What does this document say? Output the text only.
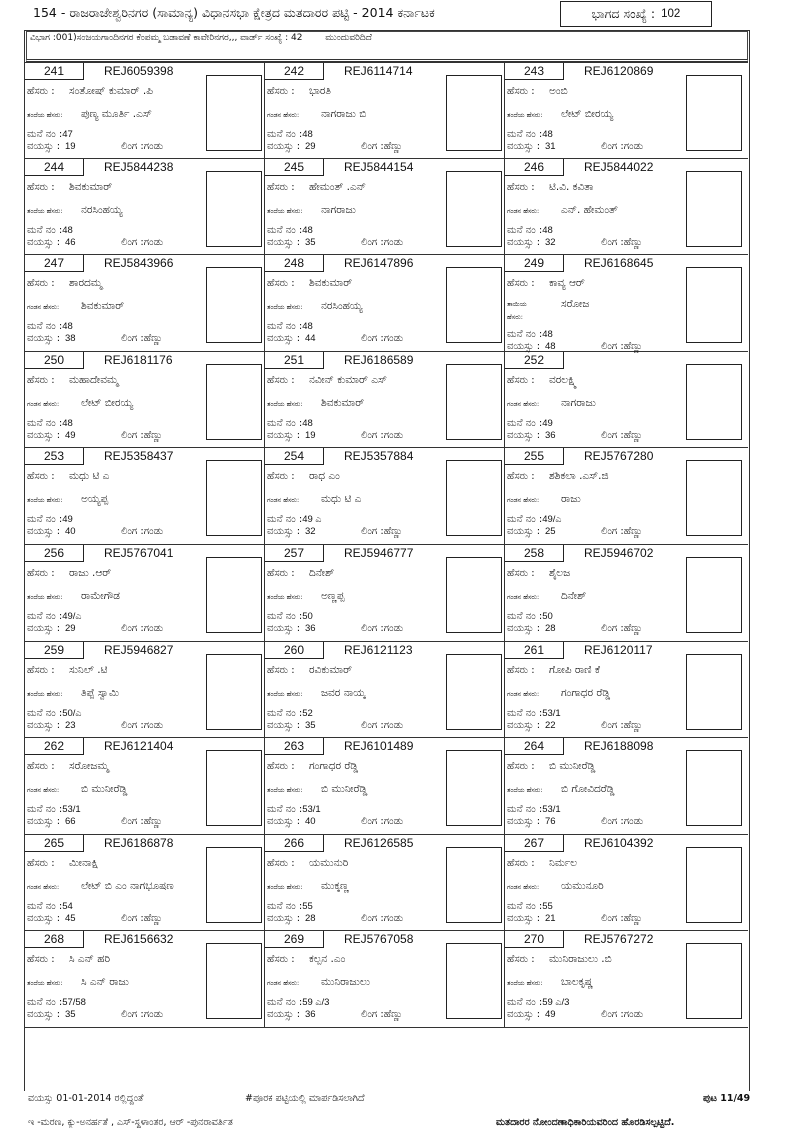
154 - ರಾಜರಾಜೇಶ್ವರಿನಗರ (ಸಾಮಾನ್ಯ) ವಿಧಾನಸಭಾ ಕ್ಷೇತ್ರದ ಮತದಾರರ ಪಟ್ಟಿ - 2014 ಕರ್ನಾಟಕ	ಭಾಗದ ಸಂಖ್ಯೆ : 102
ವಿಭಾಗ :001)ಸಂಜಯಗಾಂದಿನಗರ ಕೆಂಪಮ್ಮ ಬಡಾವಣೆ ಕಾವೇರಿನಗರ,,, ವಾರ್ಡ್ ಸಂಖ್ಯೆ : 42	ಮುಂದುವರಿದಿದೆ
241	REJ6059398
ಹೆಸರು : ಸಂತೋಷ್ ಕುಮಾರ್ .ಪಿ
ತಂದೆಯ ಹೆಸರು: ಪುಣ್ಯ ಮೂರ್ತಿ .ಎಸ್
ಮನೆ ನಂ :47
ವಯಸ್ಸು : 19	ಲಿಂಗ :ಗಂಡು
242	REJ6114714
ಹೆಸರು : ಭಾರತಿ
ಗಂಡನ ಹೆಸರು: ನಾಗರಾಜು ಬಿ
ಮನೆ ನಂ :48
ವಯಸ್ಸು : 29	ಲಿಂಗ :ಹೆಣ್ಣು
243	REJ6120869
ಹೆಸರು : ಅಂಬಿ
ತಂದೆಯ ಹೆಸರು: ಲೇಟ್ ಬೀರಯ್ಯ
ಮನೆ ನಂ :48
ವಯಸ್ಸು : 31	ಲಿಂಗ :ಗಂಡು
244	REJ5844238
ಹೆಸರು : ಶಿವಕುಮಾರ್
ತಂದೆಯ ಹೆಸರು: ನರಸಿಂಹಯ್ಯ
ಮನೆ ನಂ :48
ವಯಸ್ಸು : 46	ಲಿಂಗ :ಗಂಡು
245	REJ5844154
ಹೆಸರು : ಹೇಮಂತ್ .ಎನ್
ತಂದೆಯ ಹೆಸರು: ನಾಗರಾಜು
ಮನೆ ನಂ :48
ವಯಸ್ಸು : 35	ಲಿಂಗ :ಗಂಡು
246	REJ5844022
ಹೆಸರು : ಟಿ.ವಿ. ಕವಿತಾ
ಗಂಡನ ಹೆಸರು: ಎನ್. ಹೇಮಂತ್
ಮನೆ ನಂ :48
ವಯಸ್ಸು : 32	ಲಿಂಗ :ಹೆಣ್ಣು
247	REJ5843966
ಹೆಸರು : ಶಾರದಮ್ಮ
ಗಂಡನ ಹೆಸರು: ಶಿವಕುಮಾರ್
ಮನೆ ನಂ :48
ವಯಸ್ಸು : 38	ಲಿಂಗ :ಹೆಣ್ಣು
248	REJ6147896
ಹೆಸರು : ಶಿವಕುಮಾರ್
ತಂದೆಯ ಹೆಸರು: ನರಸಿಂಹಯ್ಯ
ಮನೆ ನಂ :48
ವಯಸ್ಸು : 44	ಲಿಂಗ :ಗಂಡು
249	REJ6168645
ಹೆಸರು : ಕಾವ್ಯ ಆರ್
ತಾಯಿಯ
ಹೆಸರು:ಸರೋಜ
ಮನೆ ನಂ :48
ವಯಸ್ಸು : 48	ಲಿಂಗ :ಹೆಣ್ಣು
250	REJ6181176
ಹೆಸರು : ಮಹಾದೇವಮ್ಮ
ಗಂಡನ ಹೆಸರು: ಲೇಟ್ ಬೀರಯ್ಯ
ಮನೆ ನಂ :48
ವಯಸ್ಸು : 49	ಲಿಂಗ :ಹೆಣ್ಣು
251	REJ6186589
ಹೆಸರು : ನವೀನ್ ಕುಮಾರ್ ಎಸ್
ತಂದೆಯ ಹೆಸರು: ಶಿವಕುಮಾರ್
ಮನೆ ನಂ :48
ವಯಸ್ಸು : 19	ಲಿಂಗ :ಗಂಡು
252
ಹೆಸರು : ವರಲಕ್ಷ್ಮಿ
ಗಂಡನ ಹೆಸರು: ನಾಗರಾಜು
ಮನೆ ನಂ :49
ವಯಸ್ಸು : 36	ಲಿಂಗ :ಹೆಣ್ಣು
253	REJ5358437
ಹೆಸರು : ಮಧು ಟಿ ಎ
ತಂದೆಯ ಹೆಸರು: ಅಯ್ಯಪ್ಪ
ಮನೆ ನಂ :49
ವಯಸ್ಸು : 40	ಲಿಂಗ :ಗಂಡು
254	REJ5357884
ಹೆಸರು : ರಾಧ ಎಂ
ಗಂಡನ ಹೆಸರು: ಮಧು ಟಿ ಎ
ಮನೆ ನಂ :49 ಎ
ವಯಸ್ಸು : 32	ಲಿಂಗ :ಹೆಣ್ಣು
255	REJ5767280
ಹೆಸರು : ಶಶಿಕಲಾ .ಎಸ್.ಜಿ
ಗಂಡನ ಹೆಸರು: ರಾಜು
ಮನೆ ನಂ :49/ಎ
ವಯಸ್ಸು : 25	ಲಿಂಗ :ಹೆಣ್ಣು
256	REJ5767041
ಹೆಸರು : ರಾಜು .ಆರ್
ತಂದೆಯ ಹೆಸರು: ರಾಮೇಗೌಡ
ಮನೆ ನಂ :49/ಎ
ವಯಸ್ಸು : 29	ಲಿಂಗ :ಗಂಡು
257	REJ5946777
ಹೆಸರು : ದಿನೇಶ್
ತಂದೆಯ ಹೆಸರು: ಅಣ್ಣಪ್ಪ
ಮನೆ ನಂ :50
ವಯಸ್ಸು : 36	ಲಿಂಗ :ಗಂಡು
258	REJ5946702
ಹೆಸರು : ಶೈಲಜ
ಗಂಡನ ಹೆಸರು: ದಿನೇಶ್
ಮನೆ ನಂ :50
ವಯಸ್ಸು : 28	ಲಿಂಗ :ಹೆಣ್ಣು
259	REJ5946827
ಹೆಸರು : ಸುನಿಲ್ .ಟಿ
ತಂದೆಯ ಹೆಸರು: ತಿಪ್ಪೆ ಸ್ವಾಮಿ
ಮನೆ ನಂ :50/ಎ
ವಯಸ್ಸು : 23	ಲಿಂಗ :ಗಂಡು
260	REJ6121123
ಹೆಸರು : ರವಿಕುಮಾರ್
ತಂದೆಯ ಹೆಸರು: ಜವರ ನಾಯ್ಕ
ಮನೆ ನಂ :52
ವಯಸ್ಸು : 35	ಲಿಂಗ :ಗಂಡು
261	REJ6120117
ಹೆಸರು : ಗೋಪಿ ರಾಣಿ ಕೆ
ಗಂಡನ ಹೆಸರು: ಗಂಗಾಧರ ರೆಡ್ಡಿ
ಮನೆ ನಂ :53/1
ವಯಸ್ಸು : 22	ಲಿಂಗ :ಹೆಣ್ಣು
262	REJ6121404
ಹೆಸರು : ಸರೋಜಮ್ಮ
ಗಂಡನ ಹೆಸರು: ಬಿ ಮುನೀರೆಡ್ಡಿ
ಮನೆ ನಂ :53/1
ವಯಸ್ಸು : 66	ಲಿಂಗ :ಹೆಣ್ಣು
263	REJ6101489
ಹೆಸರು : ಗಂಗಾಧರ ರೆಡ್ಡಿ
ತಂದೆಯ ಹೆಸರು: ಬಿ ಮುನೀರೆಡ್ಡಿ
ಮನೆ ನಂ :53/1
ವಯಸ್ಸು : 40	ಲಿಂಗ :ಗಂಡು
264	REJ6188098
ಹೆಸರು : ಬಿ ಮುನೀರೆಡ್ಡಿ
ತಂದೆಯ ಹೆಸರು: ಬಿ ಗೋವಿದರೆಡ್ಡಿ
ಮನೆ ನಂ :53/1
ವಯಸ್ಸು : 76	ಲಿಂಗ :ಗಂಡು
265	REJ6186878
ಹೆಸರು : ಮೀನಾಕ್ಷಿ
ಗಂಡನ ಹೆಸರು: ಲೇಟ್ ಬಿ ಎಂ ನಾಗಭೂಷಣ
ಮನೆ ನಂ :54
ವಯಸ್ಸು : 45	ಲಿಂಗ :ಹೆಣ್ಣು
266	REJ6126585
ಹೆಸರು : ಯಮುನುರಿ
ತಂದೆಯ ಹೆಸರು: ಮುಕ್ಕಣ್ಣ
ಮನೆ ನಂ :55
ವಯಸ್ಸು : 28	ಲಿಂಗ :ಗಂಡು
267	REJ6104392
ಹೆಸರು : ನಿರ್ಮಲ
ಗಂಡನ ಹೆಸರು: ಯಮುನೂರಿ
ಮನೆ ನಂ :55
ವಯಸ್ಸು : 21	ಲಿಂಗ :ಹೆಣ್ಣು
268	REJ6156632
ಹೆಸರು : ಸಿ ಎನ್ ಹರಿ
ತಂದೆಯ ಹೆಸರು: ಸಿ ಎನ್ ರಾಜು
ಮನೆ ನಂ :57/58
ವಯಸ್ಸು : 35	ಲಿಂಗ :ಗಂಡು
269	REJ5767058
ಹೆಸರು : ಕಲ್ಪನ .ಎಂ
ಗಂಡನ ಹೆಸರು: ಮುನಿರಾಜುಲು
ಮನೆ ನಂ :59 ಎ/3
ವಯಸ್ಸು : 36	ಲಿಂಗ :ಹೆಣ್ಣು
270	REJ5767272
ಹೆಸರು : ಮುನಿರಾಜುಲು .ಬಿ
ತಂದೆಯ ಹೆಸರು: ಬಾಲಕೃಷ್ಣ
ಮನೆ ನಂ :59 ಎ/3
ವಯಸ್ಸು : 49	ಲಿಂಗ :ಗಂಡು
ವಯಸ್ಸು 01-01-2014 ರಲ್ಲಿದ್ದಂತೆ	#ಪೂರಕ ಪಟ್ಟಿಯಲ್ಲಿ ಮಾರ್ಪಡಿಸಲಾಗಿದೆ	ಪುಟ 11/49
ಇ -ಮರಣ, ಕ್ಯು-ಅನರ್ಹತೆ , ಎಸ್-ಸ್ಥಳಾಂತರ, ಆರ್ -ಪುನರಾವರ್ತಿತ	ಮತದಾರರ ನೋಂದಣಾಧಿಕಾರಿಯವರಿಂದ ಹೊರಡಿಸಲ್ಪಟ್ಟಿದೆ.
